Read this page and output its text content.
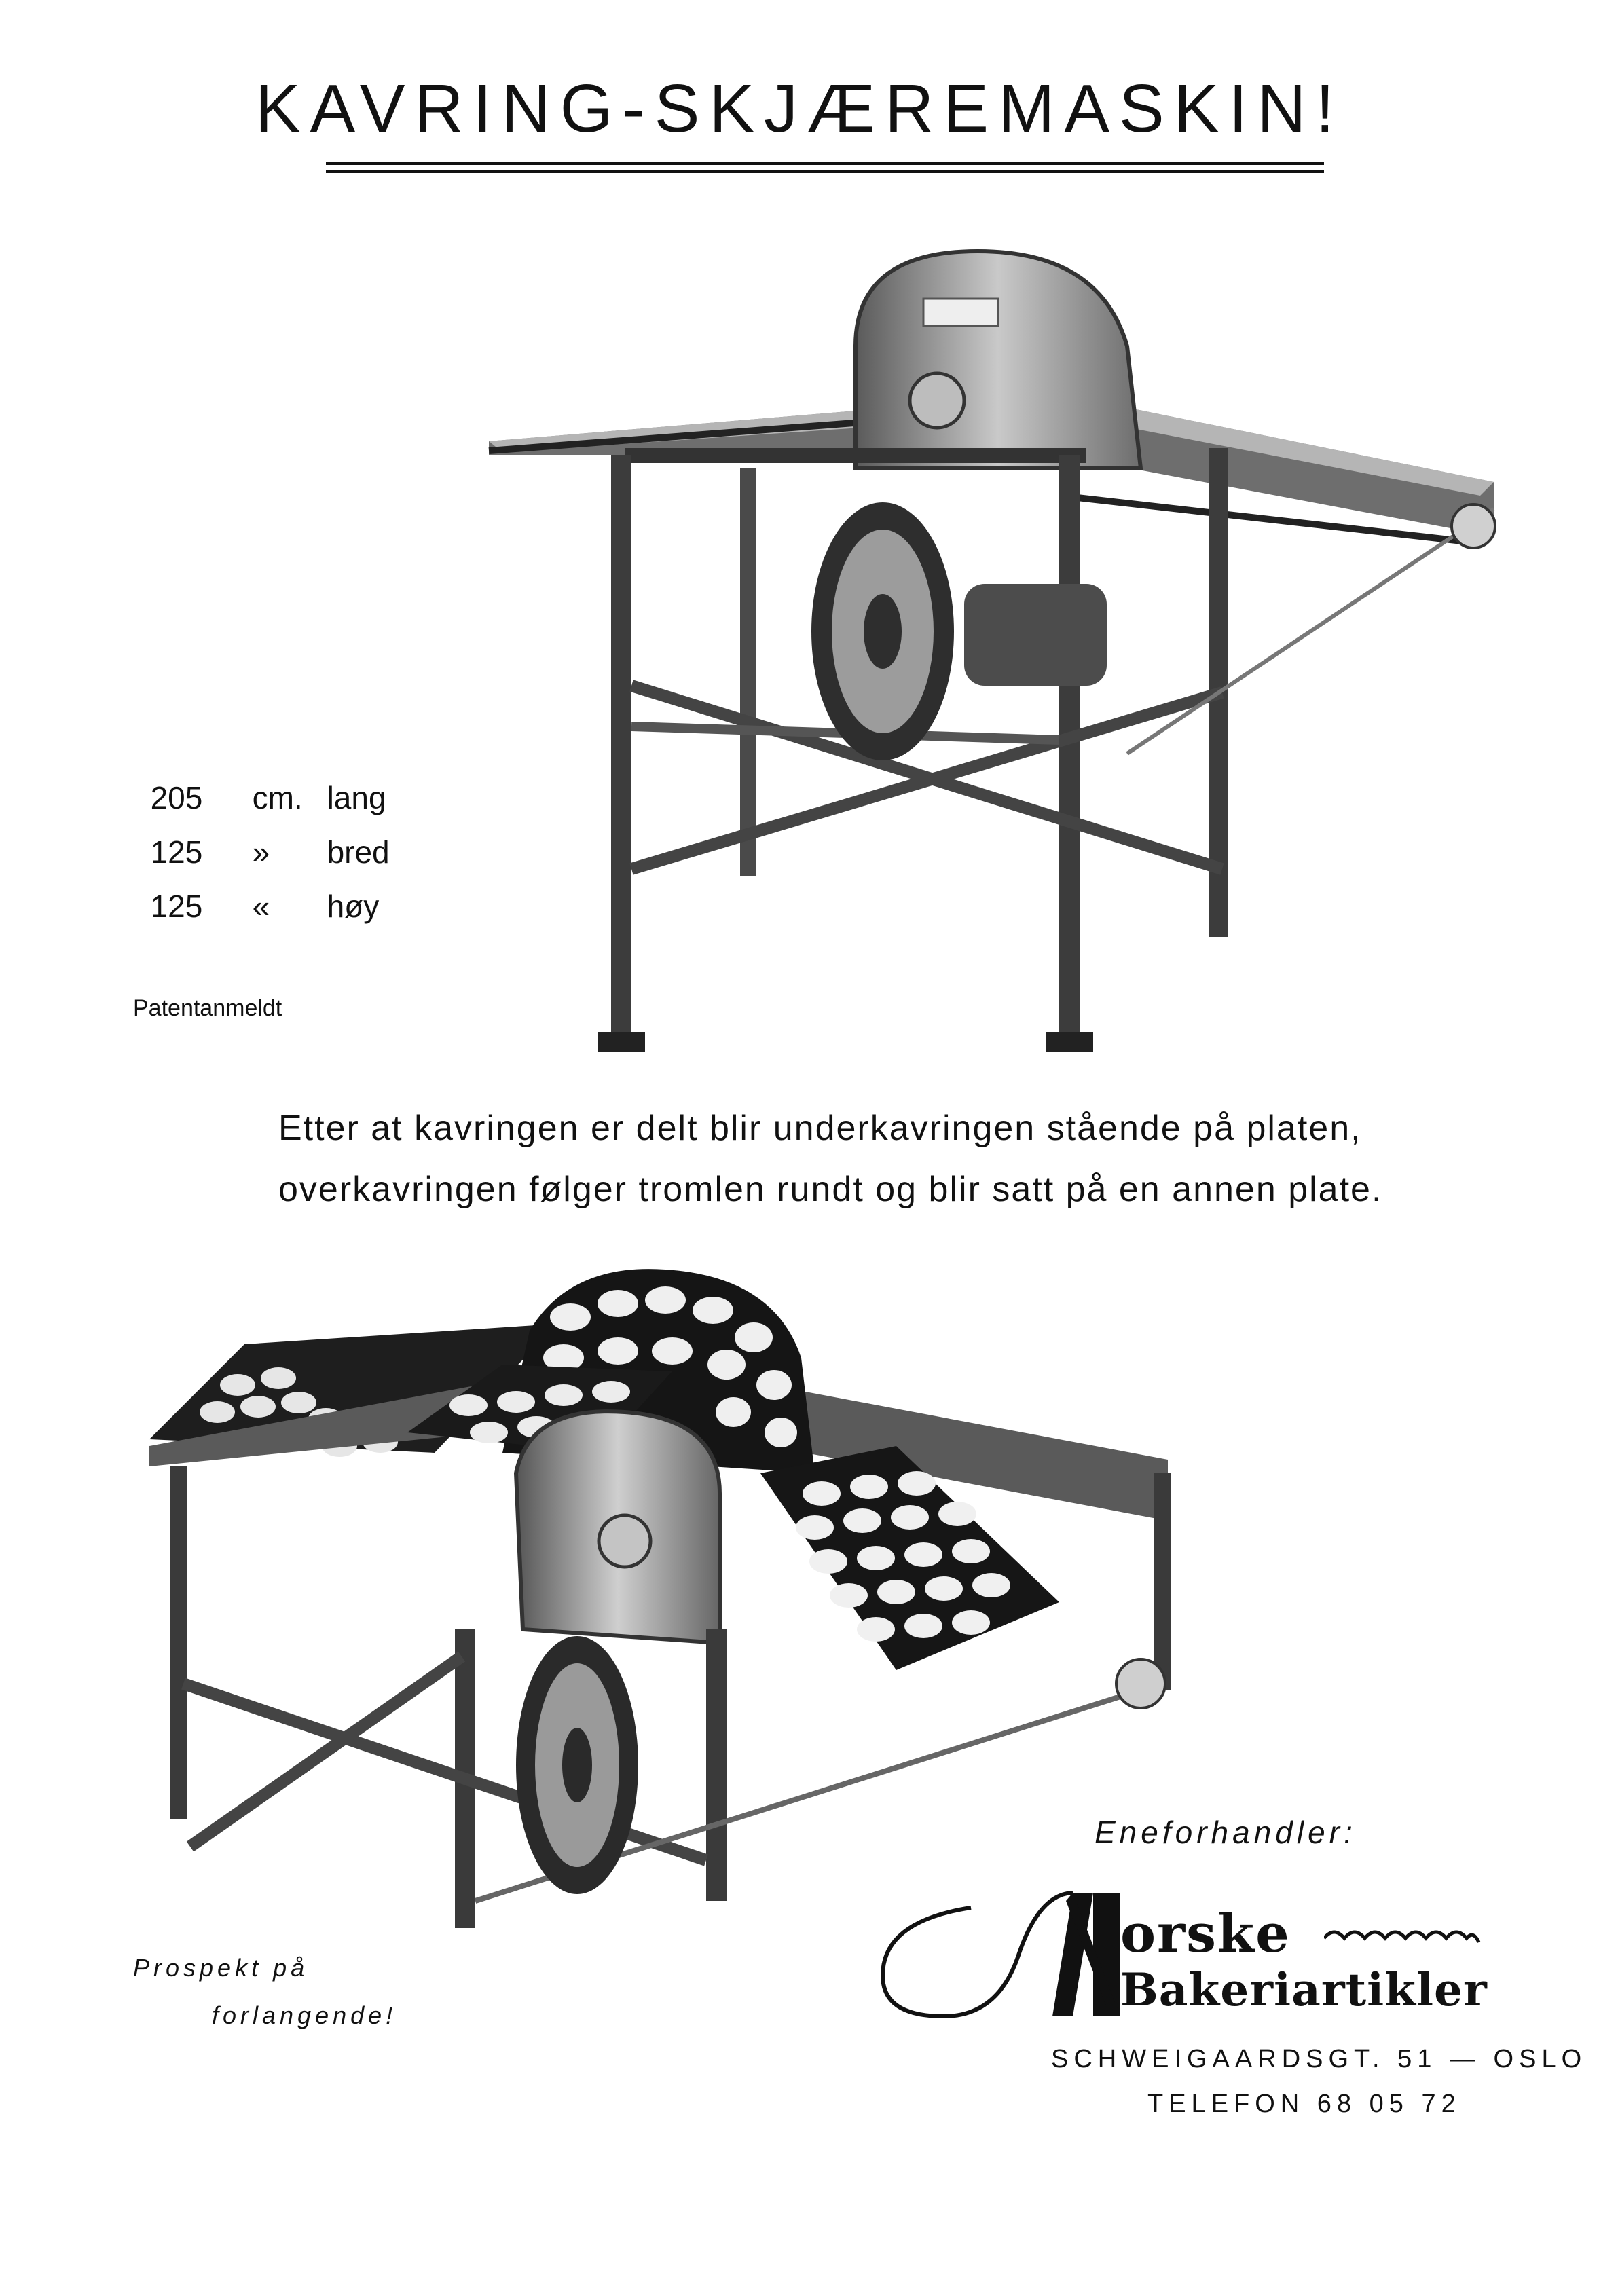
KAVRING-SKJÆREMASKIN!

205 cm. lang

125 » bred

125 « høy

Patentanmeldt
Etter at kavringen er delt blir underkavringen stående på platen,
overkavringen følger tromlen rundt og blir satt på en annen plate.
Eneforhandler:
Prospekt på
forlangende!
orske
Bakeriartikler
SCHWEIGAARDSGT. 51 — OSLO
TELEFON 68 05 72
